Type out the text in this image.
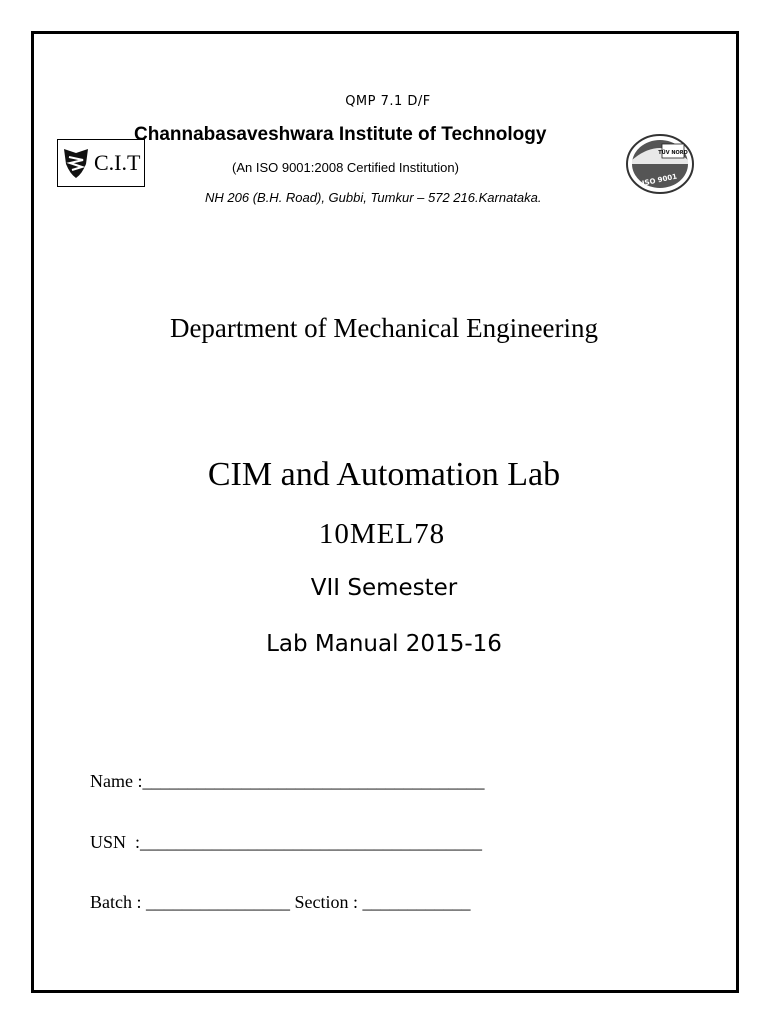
QMP 7.1 D/F
C.I.T
Channabasaveshwara Institute of Technology
(An ISO 9001:2008 Certified Institution)
NH 206 (B.H. Road), Gubbi, Tumkur – 572 216.Karnataka.
TÜV NORD
ISO 9001
Department of Mechanical Engineering
CIM and Automation Lab
10MEL78
VII Semester
Lab Manual 2015-16
Name :______________________________________
USN  :______________________________________
Batch : ________________ Section : ____________
